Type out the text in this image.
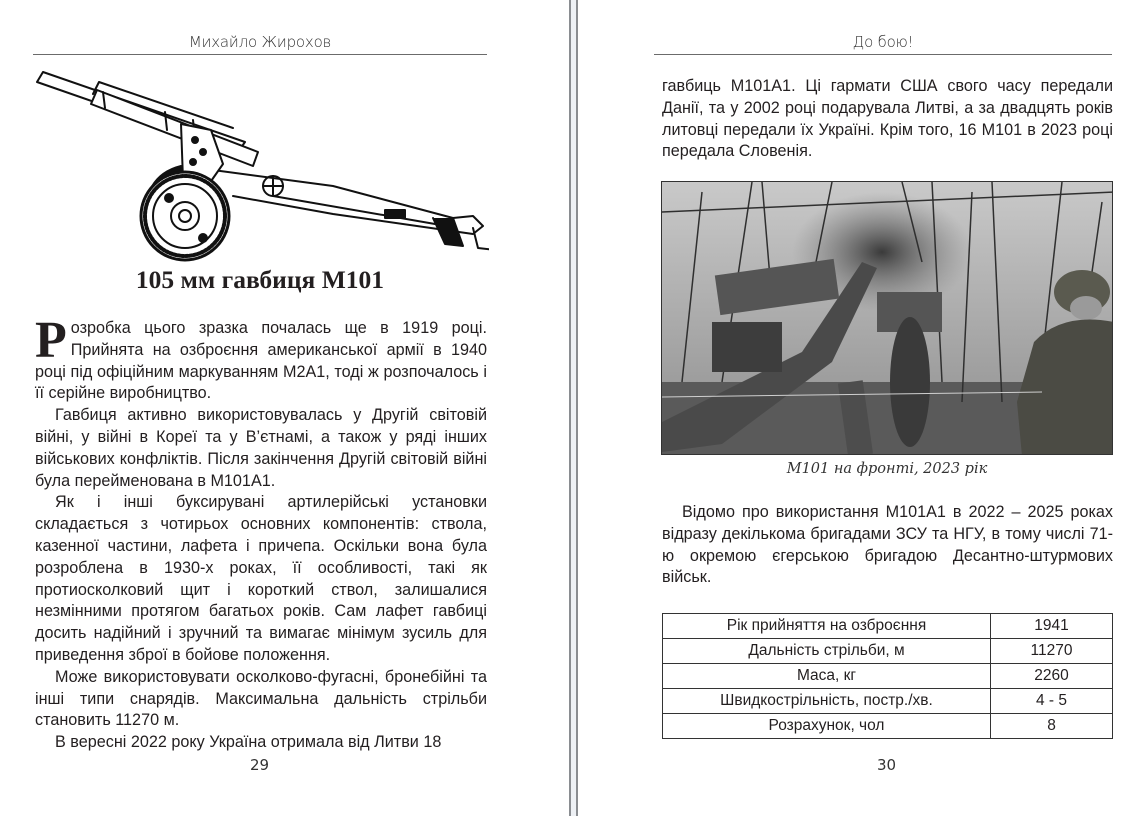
Михайло Жирохов
105 мм гавбиця М101

Розробка цього зразка почалась ще в 1919 році. Прийнята на озброєння американської армії в 1940 році під офіційним маркуванням М2А1, тоді ж розпочалось і її серійне виробництво.

Гавбиця активно використовувалась у Другій світовій війні, у війні в Кореї та у В’єтнамі, а також у ряді інших військових конфліктів. Після закінчення Другій світовій війні була перейменована в М101А1.

Як і інші буксирувані артилерійські установки складається з чотирьох основних компонентів: ствола, казенної частини, лафета і причепа. Оскільки вона була розроблена в 1930-х роках, її особливості, такі як протиосколковий щит і короткий ствол, залишалися незмінними протягом багатьох років. Сам лафет гавбиці досить надійний і зручний та вимагає мінімум зусиль для приведення зброї в бойове положення.

Може використовувати осколково-фугасні, бронебійні та інші типи снарядів. Максимальна дальність стрільби становить 11270 м.

В вересні 2022 року Україна отримала від Литви 18

29
До бою!

гавбиць М101А1. Ці гармати США свого часу передали Данії, та у 2002 році подарувала Литві, а за двадцять років литовці передали їх Україні. Крім того, 16 М101 в 2023 році передала Словенія.

М101 на фронті, 2023 рік

Відомо про використання М101А1 в 2022 – 2025 роках відразу декількома бригадами ЗСУ та НГУ, в тому числі 71-ю окремою єгерською бригадою Десантно-штурмових військ.

Рік прийняття на озброєння	1941
Дальність стрільби, м	11270
Маса, кг	2260
Швидкострільність, постр./хв.	4 - 5
Розрахунок, чол	8
30
